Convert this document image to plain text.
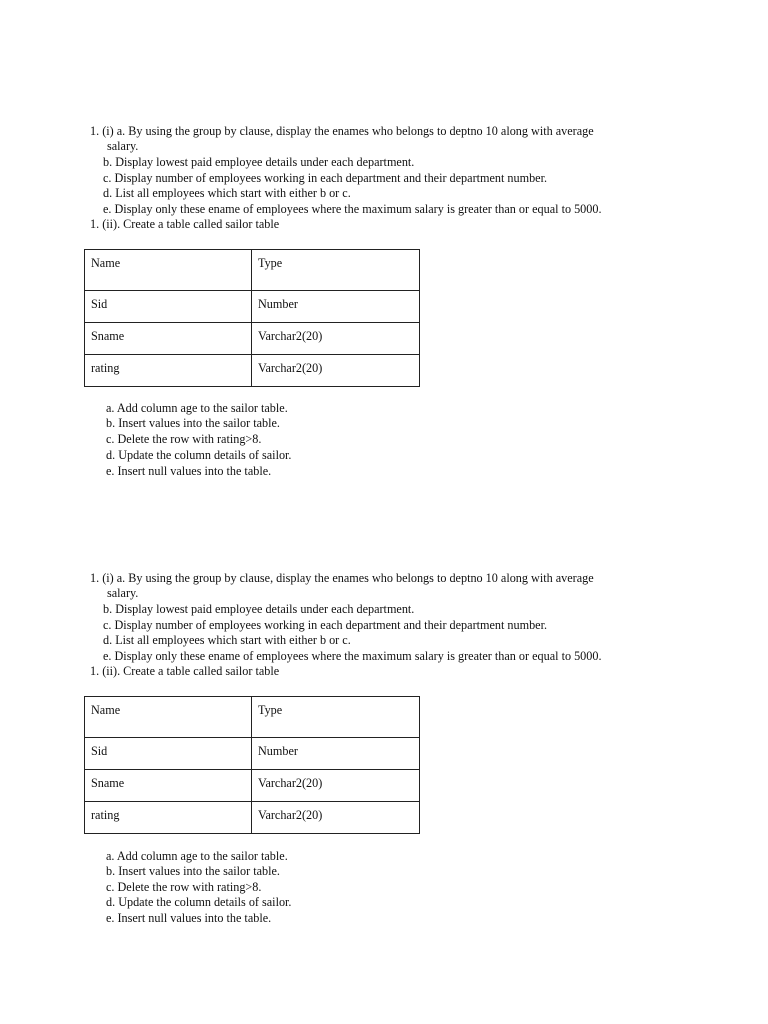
1. (i) a. By using the group by clause, display the enames who belongs to deptno 10 along with average
salary.
b. Display lowest paid employee details under each department.
c. Display number of employees working in each department and their department number.
d. List all employees which start with either b or c.
e. Display only these ename of employees where the maximum salary is greater than or equal to 5000.
1. (ii). Create a table called sailor table
Name	Type
Sid	Number
Sname	Varchar2(20)
rating	Varchar2(20)
a. Add column age to the sailor table.
b. Insert values into the sailor table.
c. Delete the row with rating>8.
d. Update the column details of sailor.
e. Insert null values into the table.
1. (i) a. By using the group by clause, display the enames who belongs to deptno 10 along with average
salary.
b. Display lowest paid employee details under each department.
c. Display number of employees working in each department and their department number.
d. List all employees which start with either b or c.
e. Display only these ename of employees where the maximum salary is greater than or equal to 5000.
1. (ii). Create a table called sailor table
Name	Type
Sid	Number
Sname	Varchar2(20)
rating	Varchar2(20)
a. Add column age to the sailor table.
b. Insert values into the sailor table.
c. Delete the row with rating>8.
d. Update the column details of sailor.
e. Insert null values into the table.
